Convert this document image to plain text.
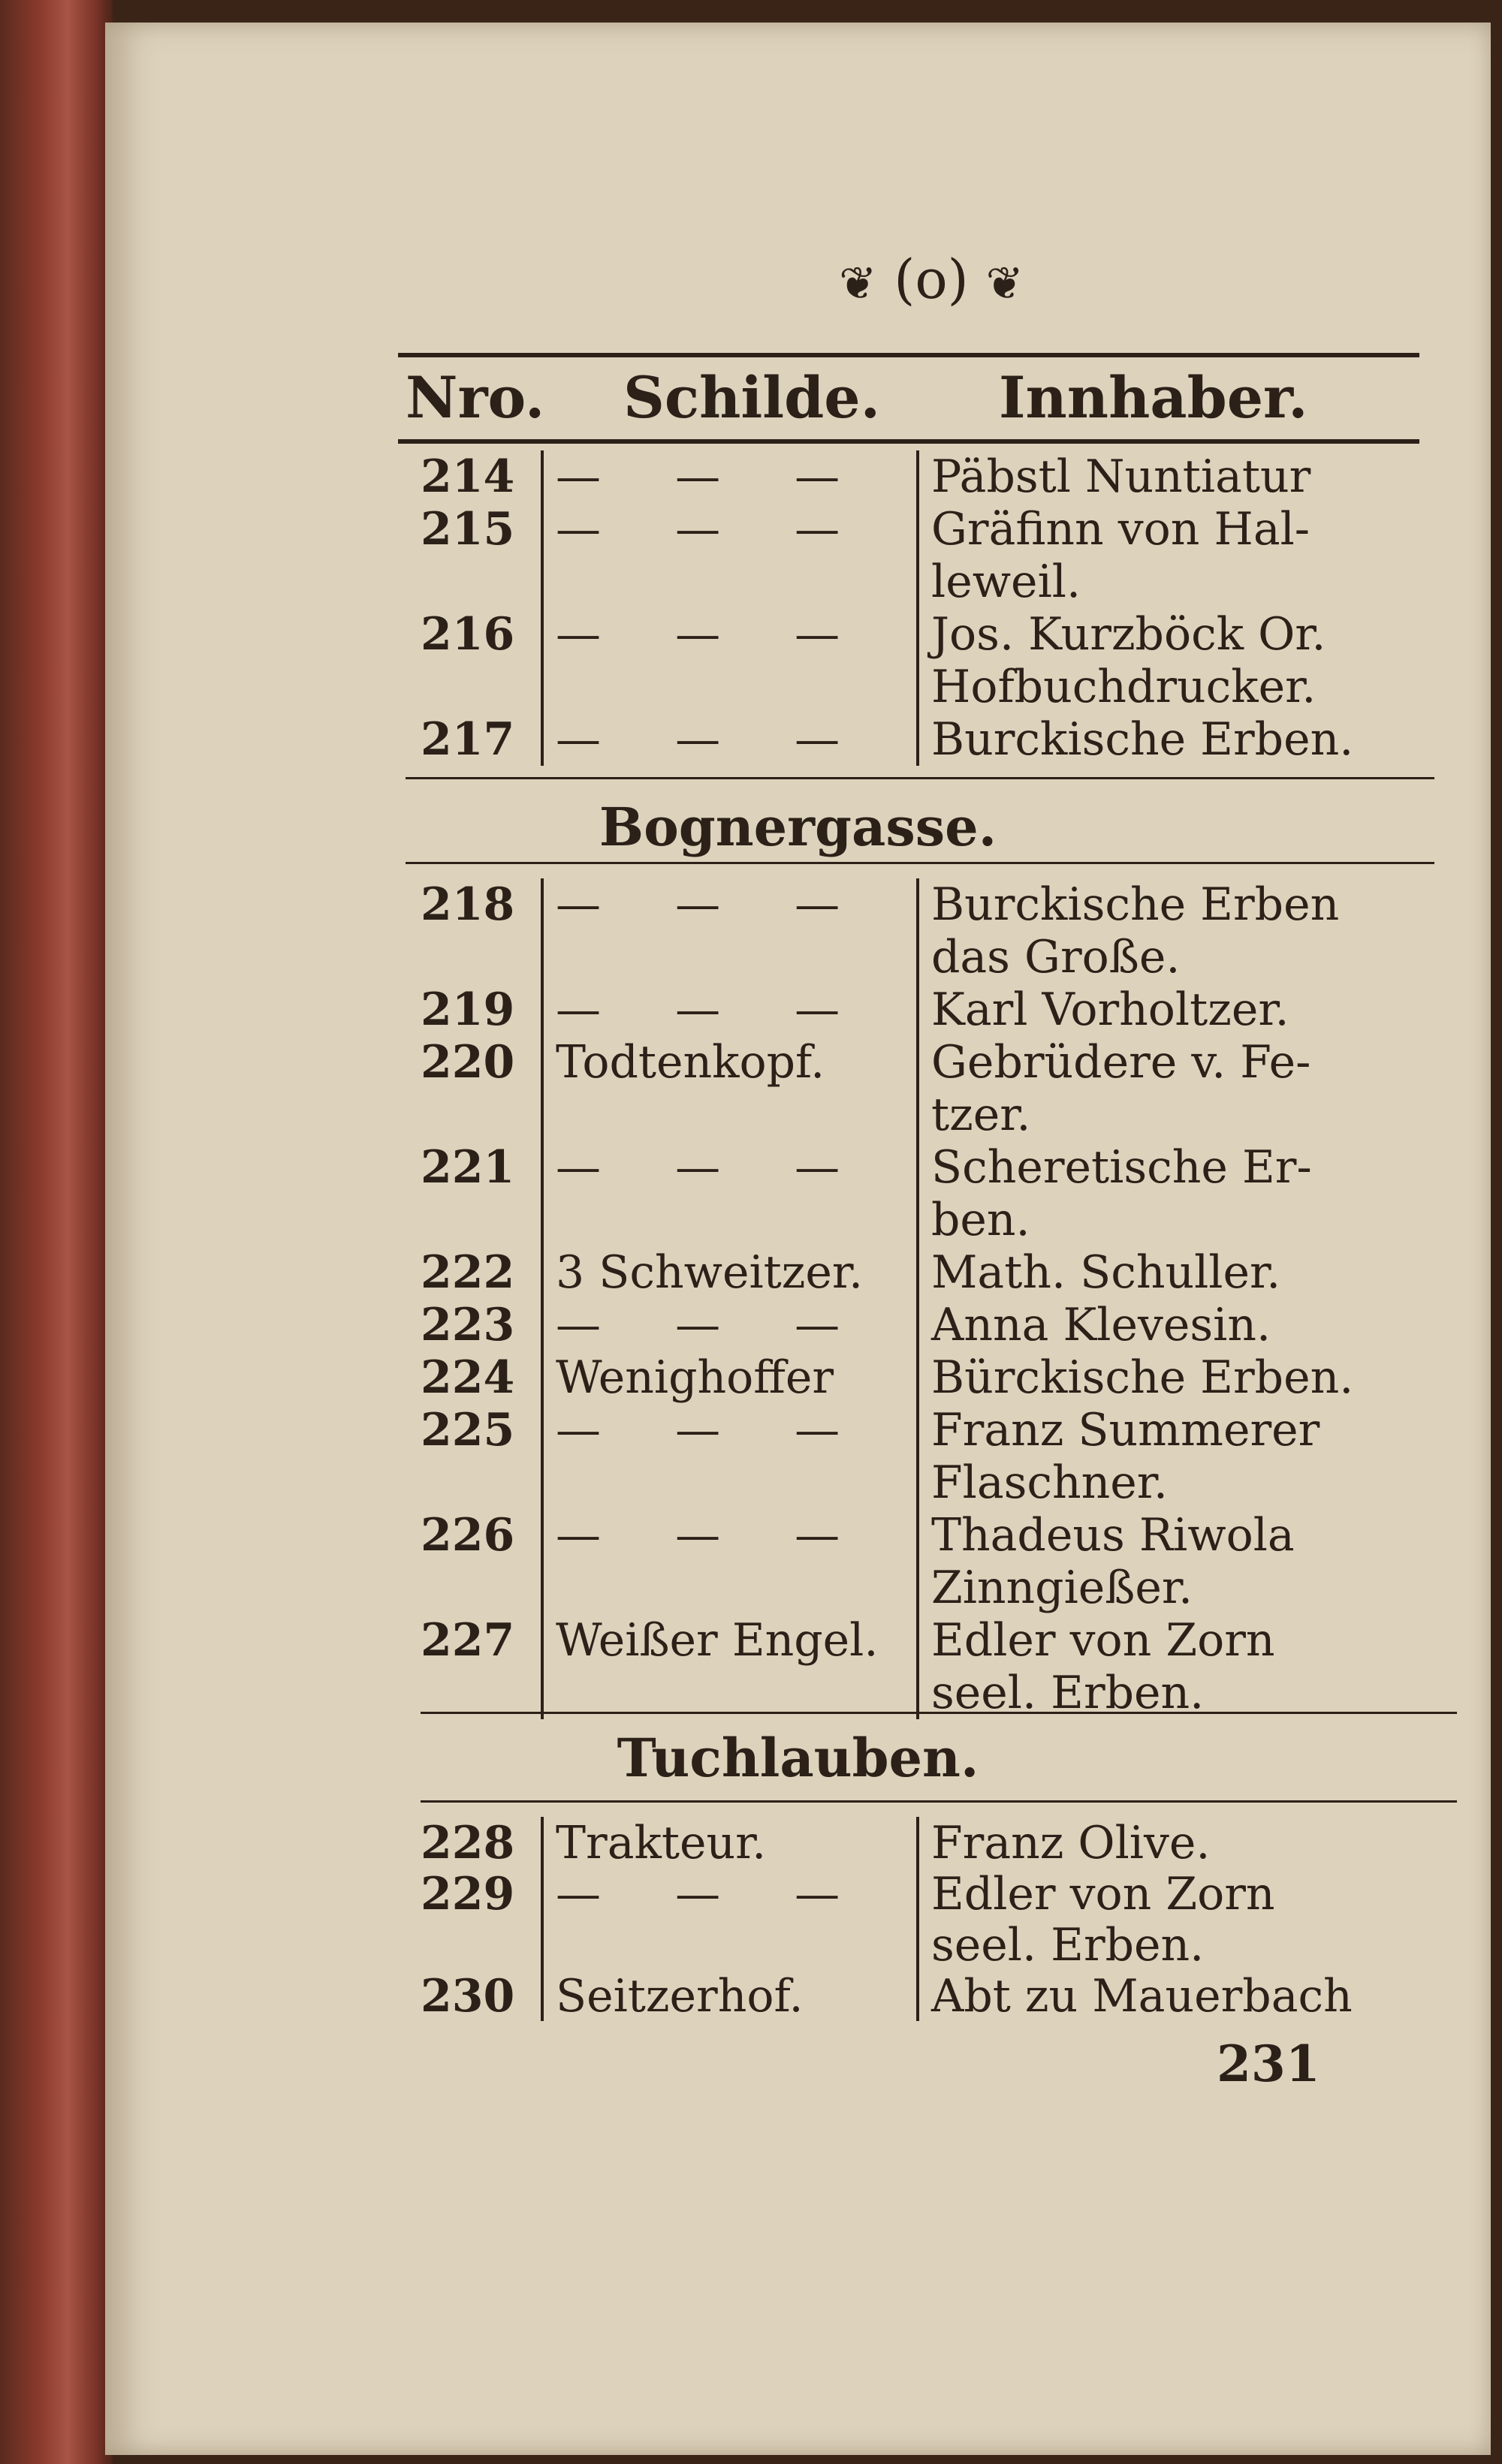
❦ (o) ❦
Nro. Schilde. Innhaber.
Bognergasse.
Tuchlauben.
231
214 — — —	Päbstl Nuntiatur
215 — — —	Gräfinn von Hal-
leweil.
216 — — —	Jos. Kurzböck Or.
Hofbuchdrucker.
217 — — —	Burckische Erben.
218 — — —	Burckische Erben
das Große.
219 — — —	Karl Vorholtzer.
220 Todtenkopf.	Gebrüdere v. Fe-
tzer.
221 — — —	Scheretische Er-
ben.
222 3 Schweitzer.	Math. Schuller.
223 — — —	Anna Klevesin.
224 Wenighoffer	Bürckische Erben.
225 — — —	Franz Summerer
Flaschner.
226 — — —	Thadeus Riwola
Zinngießer.
227 Weißer Engel.	Edler von Zorn
seel. Erben.
228 Trakteur.	Franz Olive.
229 — — —	Edler von Zorn
seel. Erben.
230 Seitzerhof.	Abt zu Mauerbach
